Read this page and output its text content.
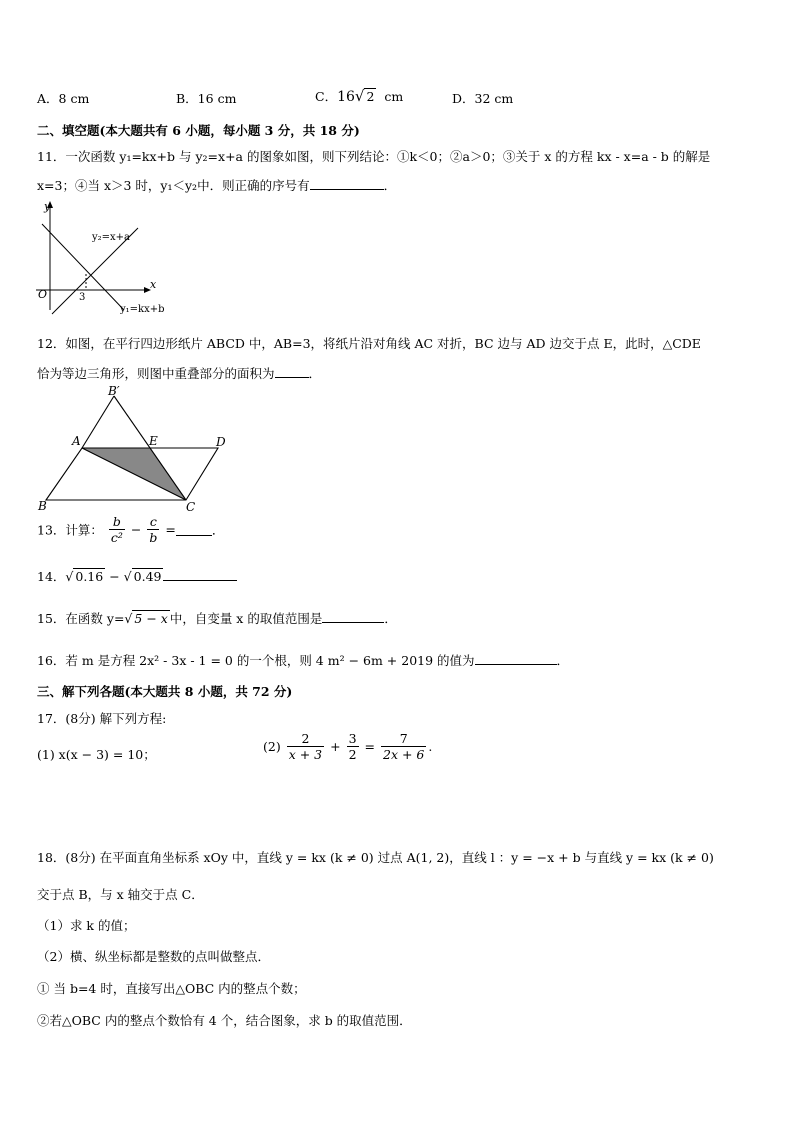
A．8 cm	B．16 cm	C．16√ 2 cm	D．32 cm
二、填空题(本大题共有 6 小题，每小题 3 分，共 18 分)
11．一次函数 y₁=kx+b 与 y₂=x+a 的图象如图，则下列结论：①k＜0；②a＞0；③关于 x 的方程 kx - x=a - b 的解是
x=3；④当 x＞3 时，y₁＜y₂中．则正确的序号有	．
y
x
O	3
y₂=x+a
y₁=kx+b
12．如图，在平行四边形纸片 ABCD 中，AB=3，将纸片沿对角线 AC 对折，BC 边与 AD 边交于点 E，此时，△CDE
恰为等边三角形，则图中重叠部分的面积为	．
B′
A	E	D
B	C
13．计算： $\frac{b}{\text{c²}} - \frac{c}{b}$ =	．
14．√ 0.16 − √ 0.49
15．在函数 y=√ 5 − x 中，自变量 x 的取值范围是	．
16．若 m 是方程 2x² - 3x - 1 = 0 的一个根，则 4 m² − 6m + 2019 的值为	．
三、解下列各题(本大题共 8 小题，共 72 分)
17．(8分) 解下列方程:
(1) x(x − 3) = 10；
$(2) \frac{2}{x + 3} + \frac{3}{2} = \frac{7}{2x + 6}$ .
18．(8分) 在平面直角坐标系 xOy 中，直线 y = kx (k ≠ 0) 过点 A(1, 2)，直线 l ：y = −x + b 与直线 y = kx (k ≠ 0)
交于点 B，与 x 轴交于点 C．
（1）求 k 的值；
（2）横、纵坐标都是整数的点叫做整点．
① 当 b=4 时，直接写出△OBC 内的整点个数；
②若△OBC 内的整点个数恰有 4 个，结合图象，求 b 的取值范围．
